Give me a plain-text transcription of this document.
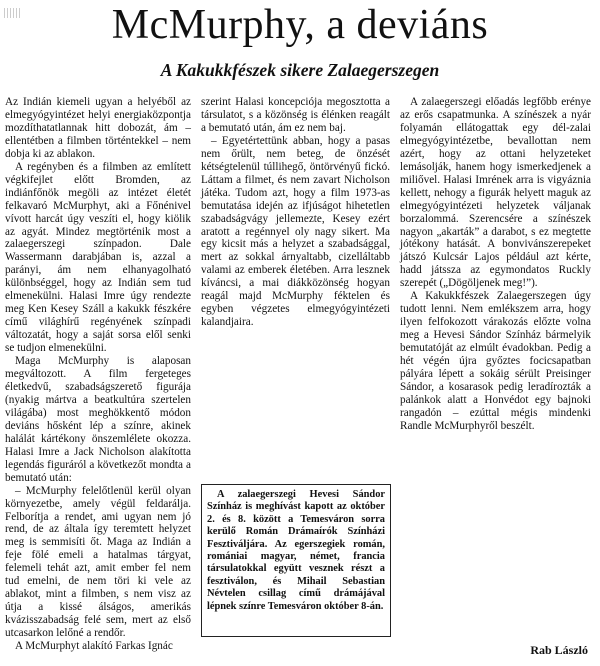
McMurphy, a deviáns
A Kakukkfészek sikere Zalaegerszegen

Az Indián kiemeli ugyan a helyéből az elmegyógyintézet helyi energiaközpontja mozdíthatatlannak hitt dobozát, ám – ellentétben a filmben történtekkel – nem dobja ki az ablakon.

A regényben és a filmben az említett végkifejlet előtt Bromden, az indiánfőnök megöli az intézet életét felkavaró McMurphyt, aki a Főnénivel vívott harcát úgy veszíti el, hogy kiölik az agyát. Mindez megtörténik most a zalaegerszegi színpadon. Dale Wassermann darabjában is, azzal a parányi, ám nem elhanyagolható különbséggel, hogy az Indián sem tud elmenekülni. Halasi Imre úgy rendezte meg Ken Kesey Száll a kakukk fészkére című világhírű regényének színpadi változatát, hogy a saját sorsa elől senki se tudjon elmenekülni.

Maga McMurphy is alaposan megváltozott. A film fergeteges életkedvű, szabadságszerető figurája (nyakig mártva a beatkultúra szertelen világába) most meghökkentő módon deviáns hősként lép a színre, akinek halálát kártékony önszemlélete okozza. Halasi Imre a Jack Nicholson alakította legendás figuráról a következőt mondta a bemutató után:

– McMurphy felelőtlenül kerül olyan környezetbe, amely végül feldarálja. Felborítja a rendet, ami ugyan nem jó rend, de az általa így teremtett helyzet meg is semmisíti őt. Maga az Indián a feje fölé emeli a hatalmas tárgyat, felemeli tehát azt, amit ember fel nem tud emelni, de nem töri ki vele az ablakot, mint a filmben, s nem visz az útja a kissé álságos, amerikás kvázisszabadság felé sem, mert az első utcasarkon lelőné a rendőr.

A McMurphyt alakító Farkas Ignác

A zalaegerszegi előadás legfőbb erénye az erős csapatmunka. A színészek a nyár folyamán ellátogattak egy dél-zalai elmegyógyintézetbe, bevallottan nem azért, hogy az ottani helyzeteket lemásolják, hanem hogy ismerkedjenek a miliővel. Halasi Imrének arra is vigyáznia kellett, nehogy a figurák helyett maguk az elmegyógyintézeti helyzetek váljanak borzalommá. Szerencsére a színészek nagyon „akarták” a darabot, s ez megtette jótékony hatását. A bonvivánszerepeket játszó Kulcsár Lajos például azt kérte, hadd játssza az egymondatos Ruckly szerepét („Dögöljenek meg!”).

A Kakukkfészek Zalaegerszegen úgy tudott lenni. Nem emlékszem arra, hogy ilyen felfokozott várakozás előzte volna meg a Hevesi Sándor Színház bármelyik bemutatóját az elmúlt évadokban. Pedig a hét végén újra győztes focicsapatban pályára lépett a sokáig sérült Preisinger Sándor, a kosarasok pedig leradírozták a palánkok alatt a Honvédot egy bajnoki rangadón – ezúttal mégis mindenki Randle McMurphyről beszélt.

A zalaegerszegi Hevesi Sándor Színház is meghívást kapott az október 2. és 8. között a Temesváron sorra kerülő Román Drámaírók Színházi Fesztiváljára. Az egerszegiek román, romániai magyar, német, francia társulatokkal együtt vesznek részt a fesztiválon, és Mihail Sebastian Névtelen csillag című drámájával lépnek színre Temesváron október 8-án.

Rab László

szerint Halasi koncepciója megosztotta a társulatot, s a közönség is élénken reagált a bemutató után, ám ez nem baj.

– Egyetértettünk abban, hogy a pasas nem őrült, nem beteg, de önzését kétségtelenül túllihegő, öntörvényű fickó. Láttam a filmet, és nem zavart Nicholson játéka. Tudom azt, hogy a film 1973-as bemutatása idején az ifjúságot hihetetlen szabadságvágy jellemezte, Kesey ezért aratott a regénnyel oly nagy sikert. Ma egy kicsit más a helyzet a szabadsággal, mert az sokkal árnyaltabb, cizelláltabb valami az emberek életében. Arra lesznek kíváncsi, a mai diákközönség hogyan reagál majd McMurphy féktelen és egyben végzetes elmegyógyintézeti kalandjaira.
